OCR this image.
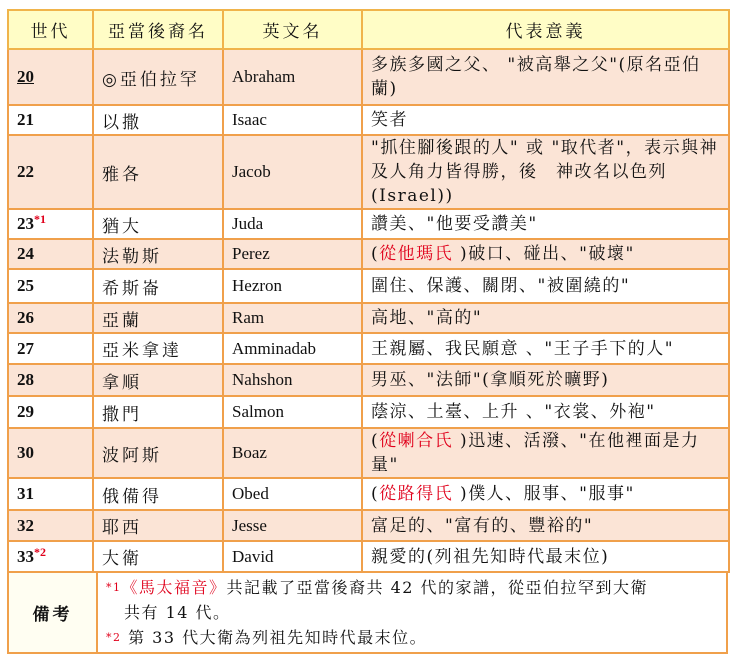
世代	亞當後裔名	英文名	代表意義
20	◎亞伯拉罕	Abraham	多族多國之父、 "被高舉之父"(原名亞伯蘭)
21	以撒	Isaac	笑者
22	雅各	Jacob	"抓住腳後跟的人" 或 "取代者"，表示與神及人角力皆得勝，後　神改名以色列(Israel))
23$^{*1}$	猶大	Juda	讚美、"他要受讚美"
24	法勒斯	Perez	(從他瑪氏 )破口、碰出、"破壞"
25	希斯崙	Hezron	圍住、保護、關閉、"被圍繞的"
26	亞蘭	Ram	高地、"高的"
27	亞米拿達	Amminadab	王親屬、我民願意 、"王子手下的人"
28	拿順	Nahshon	男巫、"法師"(拿順死於曠野)
29	撒門	Salmon	蔭涼、土臺、上升 、"衣裳、外袍"
30	波阿斯	Boaz	(從喇合氏 )迅速、活潑、"在他裡面是力量"
31	俄備得	Obed	(從路得氏 )僕人、服事、"服事"
32	耶西	Jesse	富足的、"富有的、豐裕的"
33$^{*2}$	大衛	David	親愛的(列祖先知時代最末位)
備考	
$^{*1}$《馬太福音》共記載了亞當後裔共 42 代的家譜，從亞伯拉罕到大衛
共有 14 代。
$^{*2}$ 第 33 代大衛為列祖先知時代最末位。
